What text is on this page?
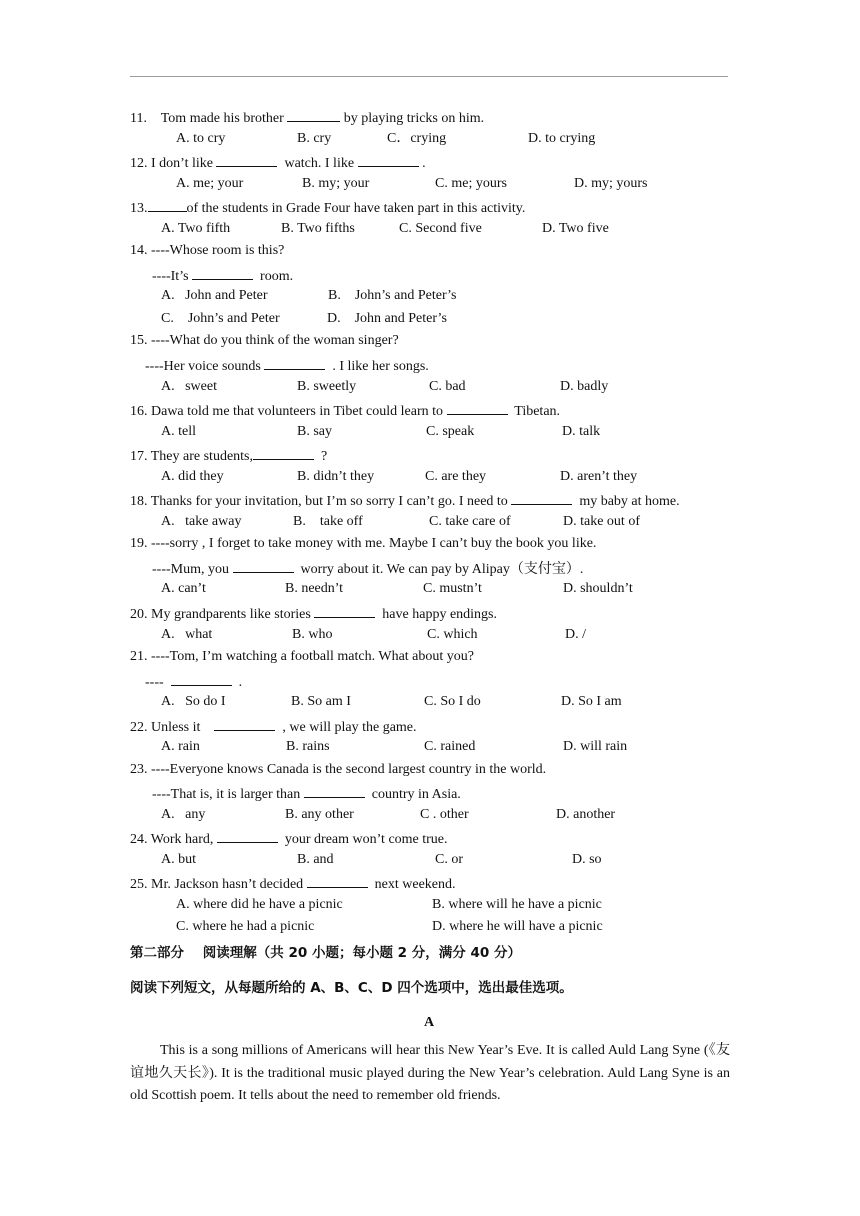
11.    Tom made his brother	by playing tricks on him.
A. to cry	B. cry	C．crying	D. to crying
12. I don’t like	watch. I like	.
A. me; your	B. my; your	C. me; yours	D. my; yours
13.	of the students in Grade Four have taken part in this activity.
A. Two fifth	B. Two fifths	C. Second five	D. Two five
14. ----Whose room is this?
----It’s	room.
A.   John and Peter	B.    John’s and Peter’s
C.    John’s and Peter	D.    John and Peter’s
15. ----What do you think of the woman singer?
----Her voice sounds	. I like her songs.
A.   sweet	B. sweetly	C. bad	D. badly
16. Dawa told me that volunteers in Tibet could learn to	Tibetan.
A. tell	B. say	C. speak	D. talk
17. They are students,	?
A. did they	B. didn’t they	C. are they	D. aren’t they
18. Thanks for your invitation, but I’m so sorry I can’t go. I need to	my baby at home.
A.   take away	B.    take off	C. take care of	D. take out of
19. ----sorry , I forget to take money with me. Maybe I can’t buy the book you like.
----Mum, you	worry about it. We can pay by Alipay（支付宝）.
A. can’t	B. needn’t	C. mustn’t	D. shouldn’t
20. My grandparents like stories	have happy endings.
A.   what	B. who	C. which	D. /
21. ----Tom, I’m watching a football match. What about you?
----	.
A.   So do I	B. So am I	C. So I do	D. So I am
22. Unless it	, we will play the game.
A. rain	B. rains	C. rained	D. will rain
23. ----Everyone knows Canada is the second largest country in the world.
----That is, it is larger than	country in Asia.
A.   any	B. any other	C . other	D. another
24. Work hard,	your dream won’t come true.
A. but	B. and	C. or	D. so
25. Mr. Jackson hasn’t decided	next weekend.
A. where did he have a picnic	B. where will he have a picnic
C. where he had a picnic	D. where he will have a picnic
第二部分    阅读理解（共 20 小题；每小题 2 分，满分 40 分）
阅读下列短文，从每题所给的 A、B、C、D 四个选项中，选出最佳选项。
A
This is a song millions of Americans will hear this New Year’s Eve. It is called Auld Lang Syne (《友谊地久天长》). It is the traditional music played during the New Year’s celebration. Auld Lang Syne is an old Scottish poem. It tells about the need to remember old friends.
